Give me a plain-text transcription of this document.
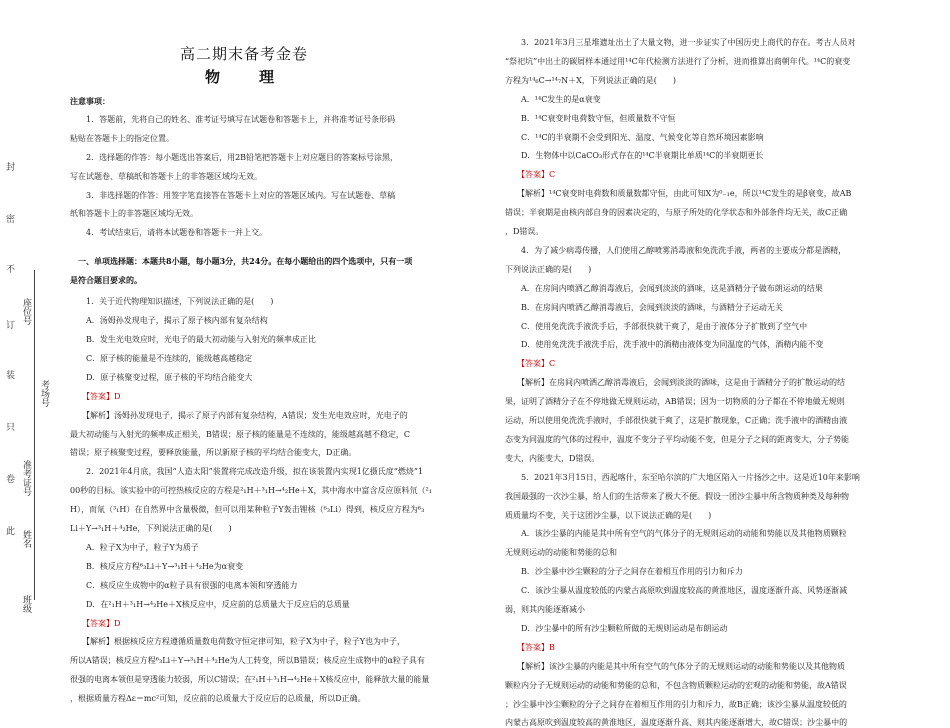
封
密
不
订
装
只
卷
此
座位号
考场号
准考证号
姓名
班级
高二期末备考金卷
物　理
注意事项：
　　1．答题前，先将自己的姓名、准考证号填写在试题卷和答题卡上，并将准考证号条形码
粘贴在答题卡上的指定位置。
　　2．选择题的作答：每小题选出答案后，用2B铅笔把答题卡上对应题目的答案标号涂黑，
写在试题卷、草稿纸和答题卡上的非答题区域均无效。
　　3．非选择题的作答：用签字笔直接答在答题卡上对应的答题区域内。写在试题卷、草稿
纸和答题卡上的非答题区域均无效。
　　4．考试结束后，请将本试题卷和答题卡一并上交。
　一、单项选择题：本题共8小题，每小题3分，共24分。在每小题给出的四个选项中，只有一项
是符合题目要求的。
　　1．关于近代物理知识描述，下列说法正确的是(　　)
　　A．汤姆孙发现电子，揭示了原子核内部有复杂结构
　　B．发生光电效应时，光电子的最大初动能与入射光的频率成正比
　　C．原子核的能量是不连续的，能级越高越稳定
　　D．原子核聚变过程，原子核的平均结合能变大
　　【答案】D
　　【解析】汤姆孙发现电子，揭示了原子内部有复杂结构，A错误；发生光电效应时，光电子的
最大初动能与入射光的频率成正相关，B错误；原子核的能量是不连续的，能级越高越不稳定，C
错误；原子核聚变过程，要释放能量，所以新原子核的平均结合能变大，D正确。
　　2．2021年4月底，我国“人造太阳”装置将完成改造升级，拟在该装置内实现1亿摄氏度“燃烧”1
00秒的目标。该实验中的可控热核反应的方程是²₁H＋³₁H→⁴₂He＋X，其中海水中富含反应原料氘（²₁
H），而氚（³₁H）在自然界中含量极微，但可以用某种粒子Y轰击锂核（⁶₃Li）得到，核反应方程为⁶₃
Li＋Y→³₁H＋⁴₂He，下列说法正确的是(　　)
　　A．粒子X为中子，粒子Y为质子
　　B．核反应方程⁶₃Li＋Y→³₁H＋⁴₂He为α衰变
　　C．核反应生成物中的α粒子具有很强的电离本领和穿透能力
　　D．在²₁H＋³₁H→⁴₂He＋X核反应中，反应前的总质量大于反应后的总质量
　　【答案】D
　　【解析】根据核反应方程遵循质量数电荷数守恒定律可知，粒子X为中子，粒子Y也为中子，
所以A错误；核反应方程⁶₃Li＋Y→³₁H＋⁴₂He为人工转变，所以B错误；核反应生成物中的α粒子具有
很强的电离本领但是穿透能力较弱，所以C错误；在²₁H＋³₁H→⁴₂He＋X核反应中，能释放大量的能量
，根据质量方程Δε＝mc²可知，反应前的总质量大于反应后的总质量，所以D正确。
　　3．2021年3月三星堆遗址出土了大量文物，进一步证实了中国历史上商代的存在。考古人员对
“祭祀坑”中出土的碳屑样本通过用¹⁴C年代检测方法进行了分析，进而推算出商朝年代。¹⁴C的衰变
方程为¹⁴₆C→¹⁴₇N＋X，下列说法正确的是(　　)
　　A．¹⁴C发生的是α衰变
　　B．¹⁴C衰变时电荷数守恒，但质量数不守恒
　　C．¹⁴C的半衰期不会受到阳光、温度、气候变化等自然环境因素影响
　　D．生物体中以CaCO₃形式存在的¹⁴C半衰期比单质¹⁴C的半衰期更长
　　【答案】C
　　【解析】¹⁴C衰变时电荷数和质量数都守恒，由此可知X为⁰₋₁e，所以¹⁴C发生的是β衰变，故AB
错误；半衰期是由核内部自身的因素决定的，与原子所处的化学状态和外部条件均无关，故C正确
，D错误。
　　4．为了减少病毒传播，人们使用乙醇喷雾消毒液和免洗洗手液，两者的主要成分都是酒精，
下列说法正确的是(　　)
　　A．在房间内喷洒乙醇消毒液后，会闻到淡淡的酒味，这是酒精分子做布朗运动的结果
　　B．在房间内喷洒乙醇消毒液后，会闻到淡淡的酒味，与酒精分子运动无关
　　C．使用免洗洗手液洗手后，手部很快就干爽了，是由于液体分子扩散到了空气中
　　D．使用免洗洗手液洗手后，洗手液中的酒精由液体变为同温度的气体，酒精内能不变
　　【答案】C
　　【解析】在房间内喷洒乙醇消毒液后，会闻到淡淡的酒味，这是由于酒精分子的扩散运动的结
果，证明了酒精分子在不停地做无规则运动，AB错误；因为一切物质的分子都在不停地做无规则
运动，所以使用免洗洗手液时，手部很快就干爽了，这是扩散现象，C正确；洗手液中的酒精由液
态变为同温度的气体的过程中，温度不变分子平均动能不变，但是分子之间的距离变大，分子势能
变大，内能变大，D错误。
　　5．2021年3月15日，西起喀什，东至哈尔滨的广大地区陷入一片扬沙之中。这是近10年来影响
我国最强的一次沙尘暴，给人们的生活带来了极大不便。假设一团沙尘暴中所含物质种类及每种物
质质量均不变，关于这团沙尘暴，以下说法正确的是(　　)
　　A．该沙尘暴的内能是其中所有空气的气体分子的无规则运动的动能和势能以及其他物质颗粒
无规则运动的动能和势能的总和
　　B．沙尘暴中沙尘颗粒的分子之间存在着相互作用的引力和斥力
　　C．该沙尘暴从温度较低的内蒙古高原吹到温度较高的黄淮地区，温度逐渐升高、风势逐渐减
弱，则其内能逐渐减小
　　D．沙尘暴中的所有沙尘颗粒所做的无规则运动是布朗运动
　　【答案】B
　　【解析】该沙尘暴的内能是其中所有空气的气体分子的无规则运动的动能和势能以及其他物质
颗粒内分子无规则运动的动能和势能的总和，不包含物质颗粒运动的宏观的动能和势能，故A错误
；沙尘暴中沙尘颗粒的分子之间存在着相互作用的引力和斥力，故B正确；该沙尘暴从温度较低的
内蒙古高原吹到温度较高的黄淮地区，温度逐渐升高、则其内能逐渐增大，故C错误；沙尘暴中的
